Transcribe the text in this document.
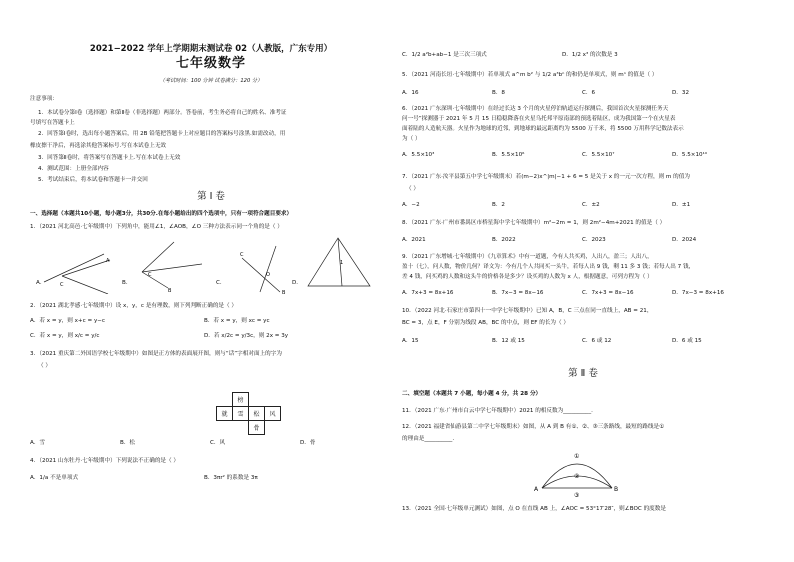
2021−2022 学年上学期期末测试卷 02（人教版，广东专用）
七年级数学
（考试时间：100 分钟 试卷满分：120 分）
注意事项：
1．本试卷分第Ⅰ卷（选择题）和第Ⅱ卷（非选择题）两部分。答卷前，考生务必将自己的姓名、准考证
号填写在答题卡上
2．回答第Ⅰ卷时，选出每小题答案后，用 2B 铅笔把答题卡上对应题目的答案标号涂黑.如需改动，用
橡皮擦干净后，再选涂其他答案标号.写在本试卷上无效
3．回答第Ⅱ卷时，将答案写在答题卡上.写在本试卷上无效
4．测试范围：上册全部内容
5．考试结束后，将本试卷和答题卡一并交回
第 Ⅰ 卷
一、选择题（本题共10小题，每小题3分，共30分.在每小题给出的四个选项中，只有一项符合题目要求）
1．（2021 河北高邑·七年级期中）下列角中，能用∠1，∠AOB，∠O 三种方法表示同一个角的是（ ）
A．
A
C	B．
C
B
C．
C
O
B
D．
1
2．（2021 湖北孝感·七年级期中）设 x，y，c 是有理数，则下列判断正确的是（ ）
A．若 x = y，则 x+c = y−c	B．若 x = y，则 xc = yc
C．若 x = y，则 x/c = y/c	D．若 x/2c = y/3c，则 2x = 3y
3．（2021 重庆第二外国语学校七年级期中）如图是正方体的表面展开图，则与“话”字相对面上的字为
（ ）
	榜		
就	雪	松	风
		骨	
A．雪	B．松	C．风	D．骨
4．（2021 山东牡丹·七年级期中）下列说法不正确的是（ ）
A．1/a 不是单项式	B．3πr² 的系数是 3π
C．1/2 a²b+ab−1 是三次三项式	D．1/2 x³ 的次数是 3
5．（2021 河南长垣·七年级期中）若单项式 a^m b² 与 1/2 a³bⁿ 的和仍是单项式，则 mⁿ 的值是（ ）
A．16	B．8	C．6	D．32
6．（2021 广东深圳·七年级期中）在经过长达 3 个月的火星停泊轨道运行探测后，我国首次火星探测任务天
问一号”探测器于 2021 年 5 月 15 日稳稳降落在火星乌托邦平原南部的预选着陆区，成为我国第一个在火星表
面着陆的人造航天器。火星作为地球的近邻，到地球的最远距离约为 5500 万千米，将 5500 万用科学记数法表示
为（ ）
A．5.5×10³	B．5.5×10⁶	C．5.5×10⁷	D．5.5×10¹⁰
7．（2021 广东·汝平县第五中学七年级期末）若(m−2)x^|m|−1 + 6 = 5 是关于 x 的一元一次方程，则 m 的值为
（ ）
A．−2	B．2	C．±2	D．±1
8．（2021 广东·广州市番禺区市桥星海中学七年级期中）m²−2m = 1，则 2m²−4m+2021 的值是（ ）
A．2021	B．2022	C．2023	D．2024
9．（2021 广东增城·七年级期中）《九章算术》中有一道题，今有人共买鸡，人出八，盈三；人出八，
盈十（七），问人数，物价几何？译文为：今有几个人共同买一头牛，若每人出 9 钱，剩 11 多 3 钱；若每人出 7 钱，
差 4 钱，问买鸡的人数和这头牛的价格各是多少？设买鸡的人数为 x 人，根据题意，可列方程为（ ）
A．7x+3 = 8x+16	B．7x−3 = 8x−16	C．7x+3 = 8x−16	D．7x−3 = 8x+16
10．（2022 河北·石家庄市第四十一中学七年级期中）已知 A，B，C 三点在同一直线上，AB = 21，
BC = 3，点 E，F 分别为线段 AB，BC 的中点，则 EF 的长为（ ）
A．15	B．12 或 15	C．6 或 12	D．6 或 15
第 Ⅱ 卷
二、填空题（本题共 7 小题，每小题 4 分，共 28 分）
11．（2021 广东·广州市白云中学七年级期中）2021 的相反数为__________.
12．（2021 福建省仙游县第二中学七年级期末）如图，从 A 到 B 有①、②、③三条路线，最短的路线是①
的理由是__________.
①
②
③
A	B
13．（2021 全国·七年级单元测试）如图，点 O 在直线 AB 上，∠AOC = 53°17′28″，则∠BOC 的度数是
